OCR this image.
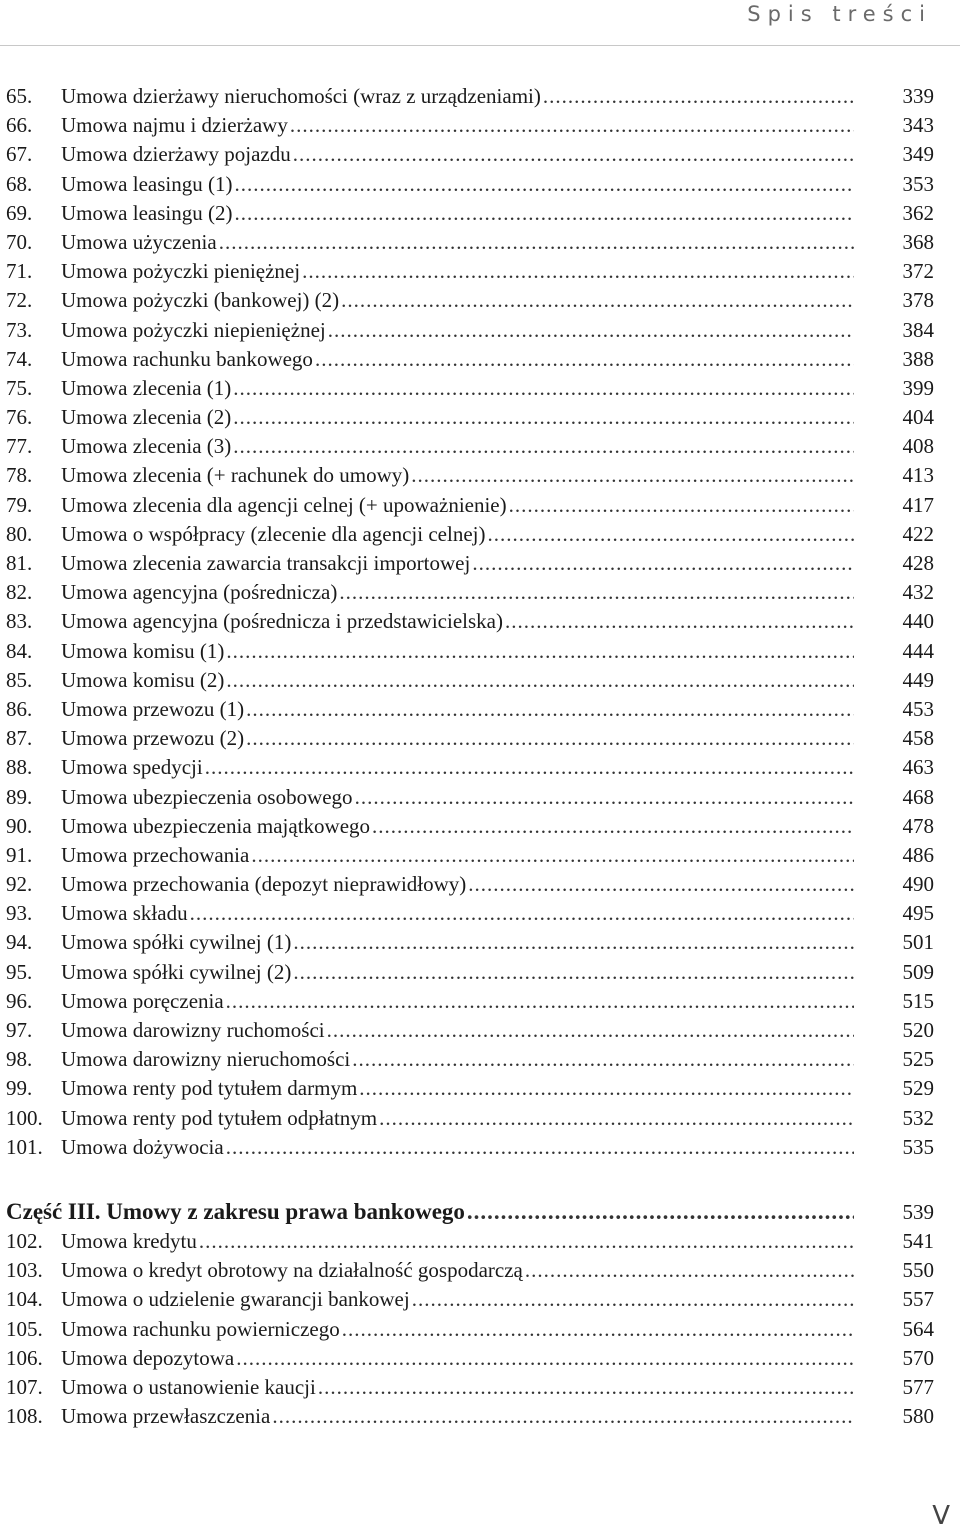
Spis treści
65.	Umowa dzierżawy nieruchomości (wraz z urządzeniami) .....	339
66.	Umowa najmu i dzierżawy .....	343
67.	Umowa dzierżawy pojazdu .....	349
68.	Umowa leasingu (1) .....	353
69.	Umowa leasingu (2) .....	362
70.	Umowa użyczenia .....	368
71.	Umowa pożyczki pieniężnej .....	372
72.	Umowa pożyczki (bankowej) (2) .....	378
73.	Umowa pożyczki niepieniężnej .....	384
74.	Umowa rachunku bankowego .....	388
75.	Umowa zlecenia (1) .....	399
76.	Umowa zlecenia (2) .....	404
77.	Umowa zlecenia (3) .....	408
78.	Umowa zlecenia (+ rachunek do umowy) .....	413
79.	Umowa zlecenia dla agencji celnej (+ upoważnienie) .....	417
80.	Umowa o współpracy (zlecenie dla agencji celnej) .....	422
81.	Umowa zlecenia zawarcia transakcji importowej .....	428
82.	Umowa agencyjna (pośrednicza) .....	432
83.	Umowa agencyjna (pośrednicza i przedstawicielska) .....	440
84.	Umowa komisu (1) .....	444
85.	Umowa komisu (2) .....	449
86.	Umowa przewozu (1) .....	453
87.	Umowa przewozu (2) .....	458
88.	Umowa spedycji .....	463
89.	Umowa ubezpieczenia osobowego .....	468
90.	Umowa ubezpieczenia majątkowego .....	478
91.	Umowa przechowania .....	486
92.	Umowa przechowania (depozyt nieprawidłowy) .....	490
93.	Umowa składu .....	495
94.	Umowa spółki cywilnej (1) .....	501
95.	Umowa spółki cywilnej (2) .....	509
96.	Umowa poręczenia .....	515
97.	Umowa darowizny ruchomości .....	520
98.	Umowa darowizny nieruchomości .....	525
99.	Umowa renty pod tytułem darmym .....	529
100. Umowa renty pod tytułem odpłatnym .....	532
101. Umowa dożywocia .....	535
Część III. Umowy z zakresu prawa bankowego .....	539
102. Umowa kredytu .....	541
103. Umowa o kredyt obrotowy na działalność gospodarczą .....	550
104. Umowa o udzielenie gwarancji bankowej .....	557
105. Umowa rachunku powierniczego .....	564
106. Umowa depozytowa .....	570
107. Umowa o ustanowienie kaucji .....	577
108. Umowa przewłaszczenia .....	580
V
